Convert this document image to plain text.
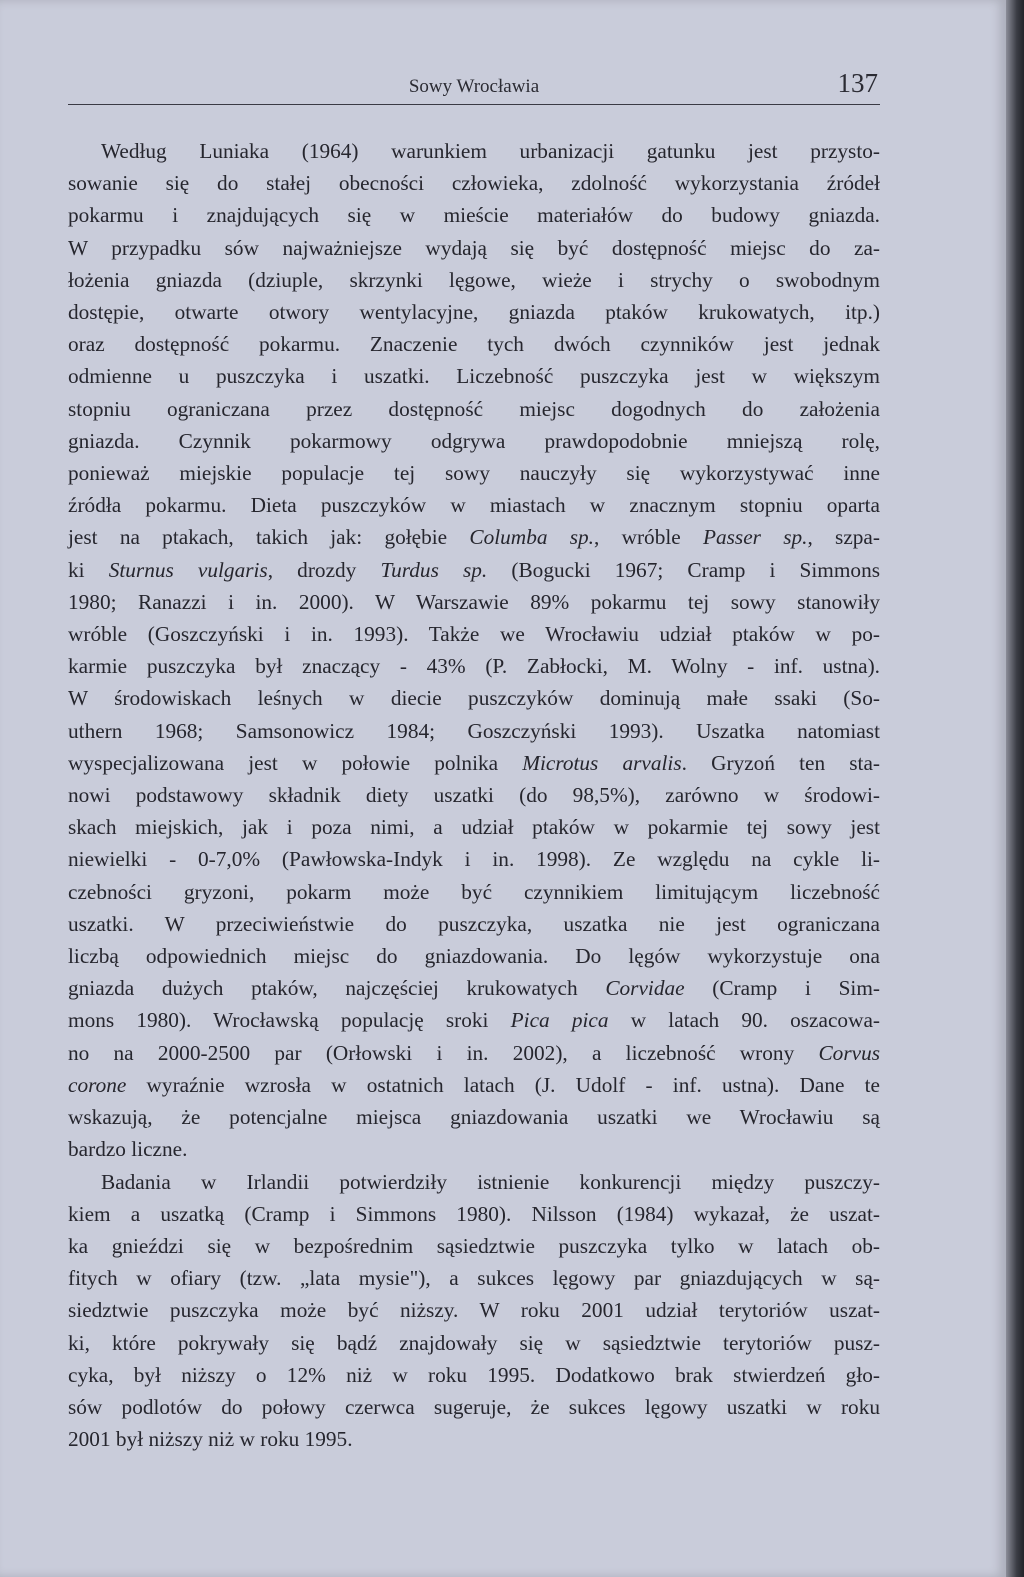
Sowy Wrocławia	137
Według Luniaka (1964) warunkiem urbanizacji gatunku jest przysto-
sowanie się do stałej obecności człowieka, zdolność wykorzystania źródeł
pokarmu i znajdujących się w mieście materiałów do budowy gniazda.
W przypadku sów najważniejsze wydają się być dostępność miejsc do za-
łożenia gniazda (dziuple, skrzynki lęgowe, wieże i strychy o swobodnym
dostępie, otwarte otwory wentylacyjne, gniazda ptaków krukowatych, itp.)
oraz dostępność pokarmu. Znaczenie tych dwóch czynników jest jednak
odmienne u puszczyka i uszatki. Liczebność puszczyka jest w większym
stopniu ograniczana przez dostępność miejsc dogodnych do założenia
gniazda. Czynnik pokarmowy odgrywa prawdopodobnie mniejszą rolę,
ponieważ miejskie populacje tej sowy nauczyły się wykorzystywać inne
źródła pokarmu. Dieta puszczyków w miastach w znacznym stopniu oparta
jest na ptakach, takich jak: gołębie Columba sp., wróble Passer sp., szpa-
ki Sturnus vulgaris, drozdy Turdus sp. (Bogucki 1967; Cramp i Simmons
1980; Ranazzi i in. 2000). W Warszawie 89% pokarmu tej sowy stanowiły
wróble (Goszczyński i in. 1993). Także we Wrocławiu udział ptaków w po-
karmie puszczyka był znaczący - 43% (P. Zabłocki, M. Wolny - inf. ustna).
W środowiskach leśnych w diecie puszczyków dominują małe ssaki (So-
uthern 1968; Samsonowicz 1984; Goszczyński 1993). Uszatka natomiast
wyspecjalizowana jest w połowie polnika Microtus arvalis. Gryzoń ten sta-
nowi podstawowy składnik diety uszatki (do 98,5%), zarówno w środowi-
skach miejskich, jak i poza nimi, a udział ptaków w pokarmie tej sowy jest
niewielki - 0-7,0% (Pawłowska-Indyk i in. 1998). Ze względu na cykle li-
czebności gryzoni, pokarm może być czynnikiem limitującym liczebność
uszatki. W przeciwieństwie do puszczyka, uszatka nie jest ograniczana
liczbą odpowiednich miejsc do gniazdowania. Do lęgów wykorzystuje ona
gniazda dużych ptaków, najczęściej krukowatych Corvidae (Cramp i Sim-
mons 1980). Wrocławską populację sroki Pica pica w latach 90. oszacowa-
no na 2000-2500 par (Orłowski i in. 2002), a liczebność wrony Corvus
corone wyraźnie wzrosła w ostatnich latach (J. Udolf - inf. ustna). Dane te
wskazują, że potencjalne miejsca gniazdowania uszatki we Wrocławiu są
bardzo liczne.
Badania w Irlandii potwierdziły istnienie konkurencji między puszczy-
kiem a uszatką (Cramp i Simmons 1980). Nilsson (1984) wykazał, że uszat-
ka gnieździ się w bezpośrednim sąsiedztwie puszczyka tylko w latach ob-
fitych w ofiary (tzw. „lata mysie"), a sukces lęgowy par gniazdujących w są-
siedztwie puszczyka może być niższy. W roku 2001 udział terytoriów uszat-
ki, które pokrywały się bądź znajdowały się w sąsiedztwie terytoriów pusz-
cyka, był niższy o 12% niż w roku 1995. Dodatkowo brak stwierdzeń gło-
sów podlotów do połowy czerwca sugeruje, że sukces lęgowy uszatki w roku
2001 był niższy niż w roku 1995.
